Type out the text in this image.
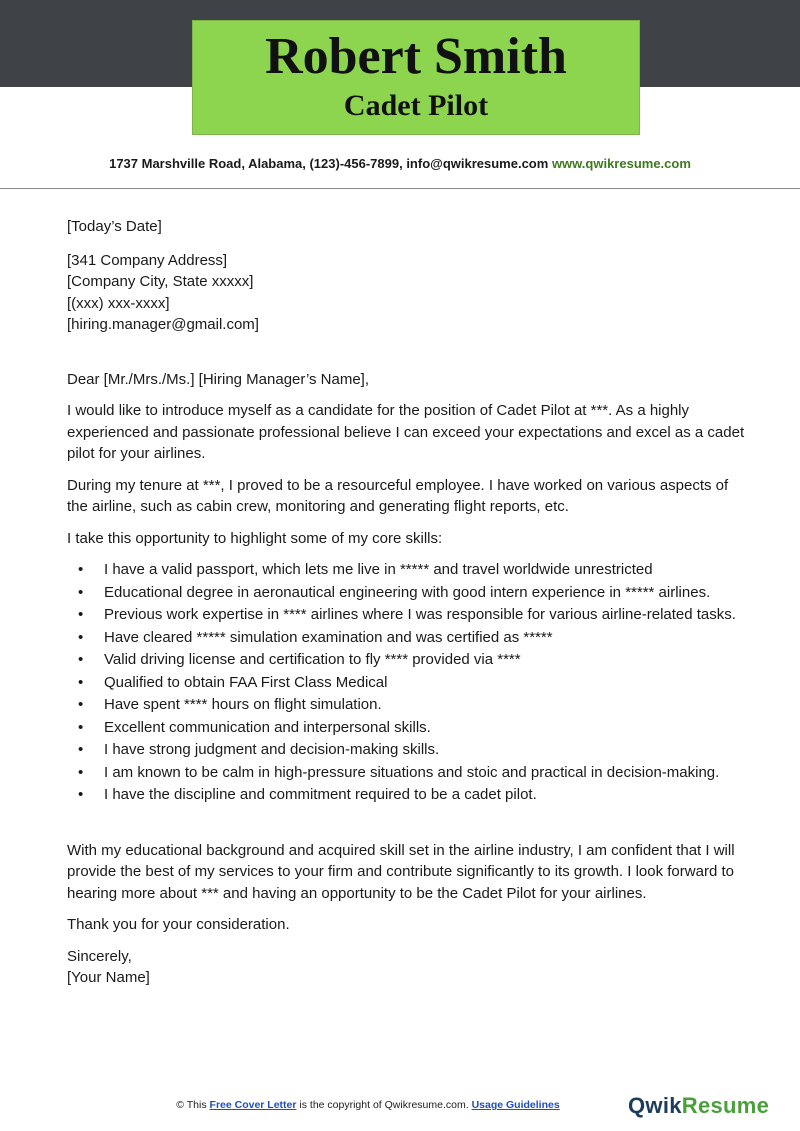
Robert Smith
Cadet Pilot
1737 Marshville Road, Alabama, (123)-456-7899, info@qwikresume.com www.qwikresume.com

[Today’s Date]

[341 Company Address]

[Company City, State xxxxx]

[(xxx) xxx-xxxx]

[hiring.manager@gmail.com]

Dear [Mr./Mrs./Ms.] [Hiring Manager’s Name],

I would like to introduce myself as a candidate for the position of Cadet Pilot at ***. As a highly experienced and passionate professional believe I can exceed your expectations and excel as a cadet pilot for your airlines.

During my tenure at ***, I proved to be a resourceful employee. I have worked on various aspects of the airline, such as cabin crew, monitoring and generating flight reports, etc.

I take this opportunity to highlight some of my core skills:

• I have a valid passport, which lets me live in ***** and travel worldwide unrestricted
• Educational degree in aeronautical engineering with good intern experience in ***** airlines.
• Previous work expertise in **** airlines where I was responsible for various airline-related tasks.
• Have cleared ***** simulation examination and was certified as *****
• Valid driving license and certification to fly **** provided via ****
• Qualified to obtain FAA First Class Medical
• Have spent **** hours on flight simulation.
• Excellent communication and interpersonal skills.
• I have strong judgment and decision-making skills.
• I am known to be calm in high-pressure situations and stoic and practical in decision-making.
• I have the discipline and commitment required to be a cadet pilot.

With my educational background and acquired skill set in the airline industry, I am confident that I will provide the best of my services to your firm and contribute significantly to its growth. I look forward to hearing more about *** and having an opportunity to be the Cadet Pilot for your airlines.

Thank you for your consideration.

Sincerely,

[Your Name]

© This Free Cover Letter is the copyright of Qwikresume.com. Usage Guidelines	QwikResume
